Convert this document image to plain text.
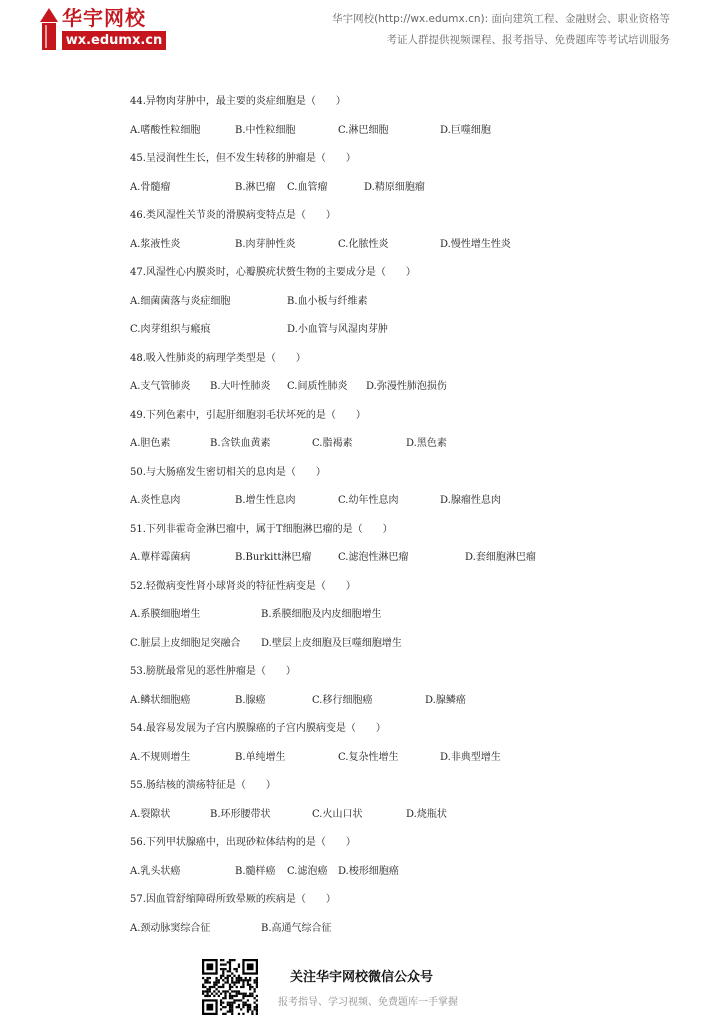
华宇网校
wx.edumx.cn
华宇网校(http://wx.edumx.cn): 面向建筑工程、金融财会、职业资格等
考证人群提供视频课程、报考指导、免费题库等考试培训服务
44.异物肉芽肿中，最主要的炎症细胞是（　　）
A.嗜酸性粒细胞	B.中性粒细胞	C.淋巴细胞	D.巨噬细胞
45.呈浸润性生长，但不发生转移的肿瘤是（　　）
A.骨髓瘤	B.淋巴瘤 C.血管瘤	D.精原细胞瘤
46.类风湿性关节炎的滑膜病变特点是（　　）
A.浆液性炎	B.肉芽肿性炎	C.化脓性炎	D.慢性增生性炎
47.风湿性心内膜炎时，心瓣膜疣状赘生物的主要成分是（　　）
A.细菌菌落与炎症细胞	B.血小板与纤维素
C.肉芽组织与瘢痕	D.小血管与风湿肉芽肿
48.吸入性肺炎的病理学类型是（　　）
A.支气管肺炎 B.大叶性肺炎 C.间质性肺炎 D.弥漫性肺泡损伤
49.下列色素中，引起肝细胞羽毛状坏死的是（　　）
A.胆色素	B.含铁血黄素	C.脂褐素	D.黑色素
50.与大肠癌发生密切相关的息肉是（　　）
A.炎性息肉	B.增生性息肉	C.幼年性息肉	D.腺瘤性息肉
51.下列非霍奇金淋巴瘤中，属于T细胞淋巴瘤的是（　　）
A.蕈样霉菌病	B.Burkitt淋巴瘤	C.滤泡性淋巴瘤	D.套细胞淋巴瘤
52.轻微病变性肾小球肾炎的特征性病变是（　　）
A.系膜细胞增生	B.系膜细胞及内皮细胞增生
C.脏层上皮细胞足突融合 D.壁层上皮细胞及巨噬细胞增生
53.膀胱最常见的恶性肿瘤是（　　）
A.鳞状细胞癌	B.腺癌	C.移行细胞癌	D.腺鳞癌
54.最容易发展为子宫内膜腺癌的子宫内膜病变是（　　）
A.不规则增生	B.单纯增生	C.复杂性增生	D.非典型增生
55.肠结核的溃疡特征是（　　）
A.裂隙状	B.环形腰带状	C.火山口状	D.烧瓶状
56.下列甲状腺癌中，出现砂粒体结构的是（　　）
A.乳头状癌	B.髓样癌 C.滤泡癌 D.梭形细胞癌
57.因血管舒缩障碍所致晕厥的疾病是（　　）
A.颈动脉窦综合征	B.高通气综合征
关注华宇网校微信公众号
报考指导、学习视频、免费题库一手掌握
